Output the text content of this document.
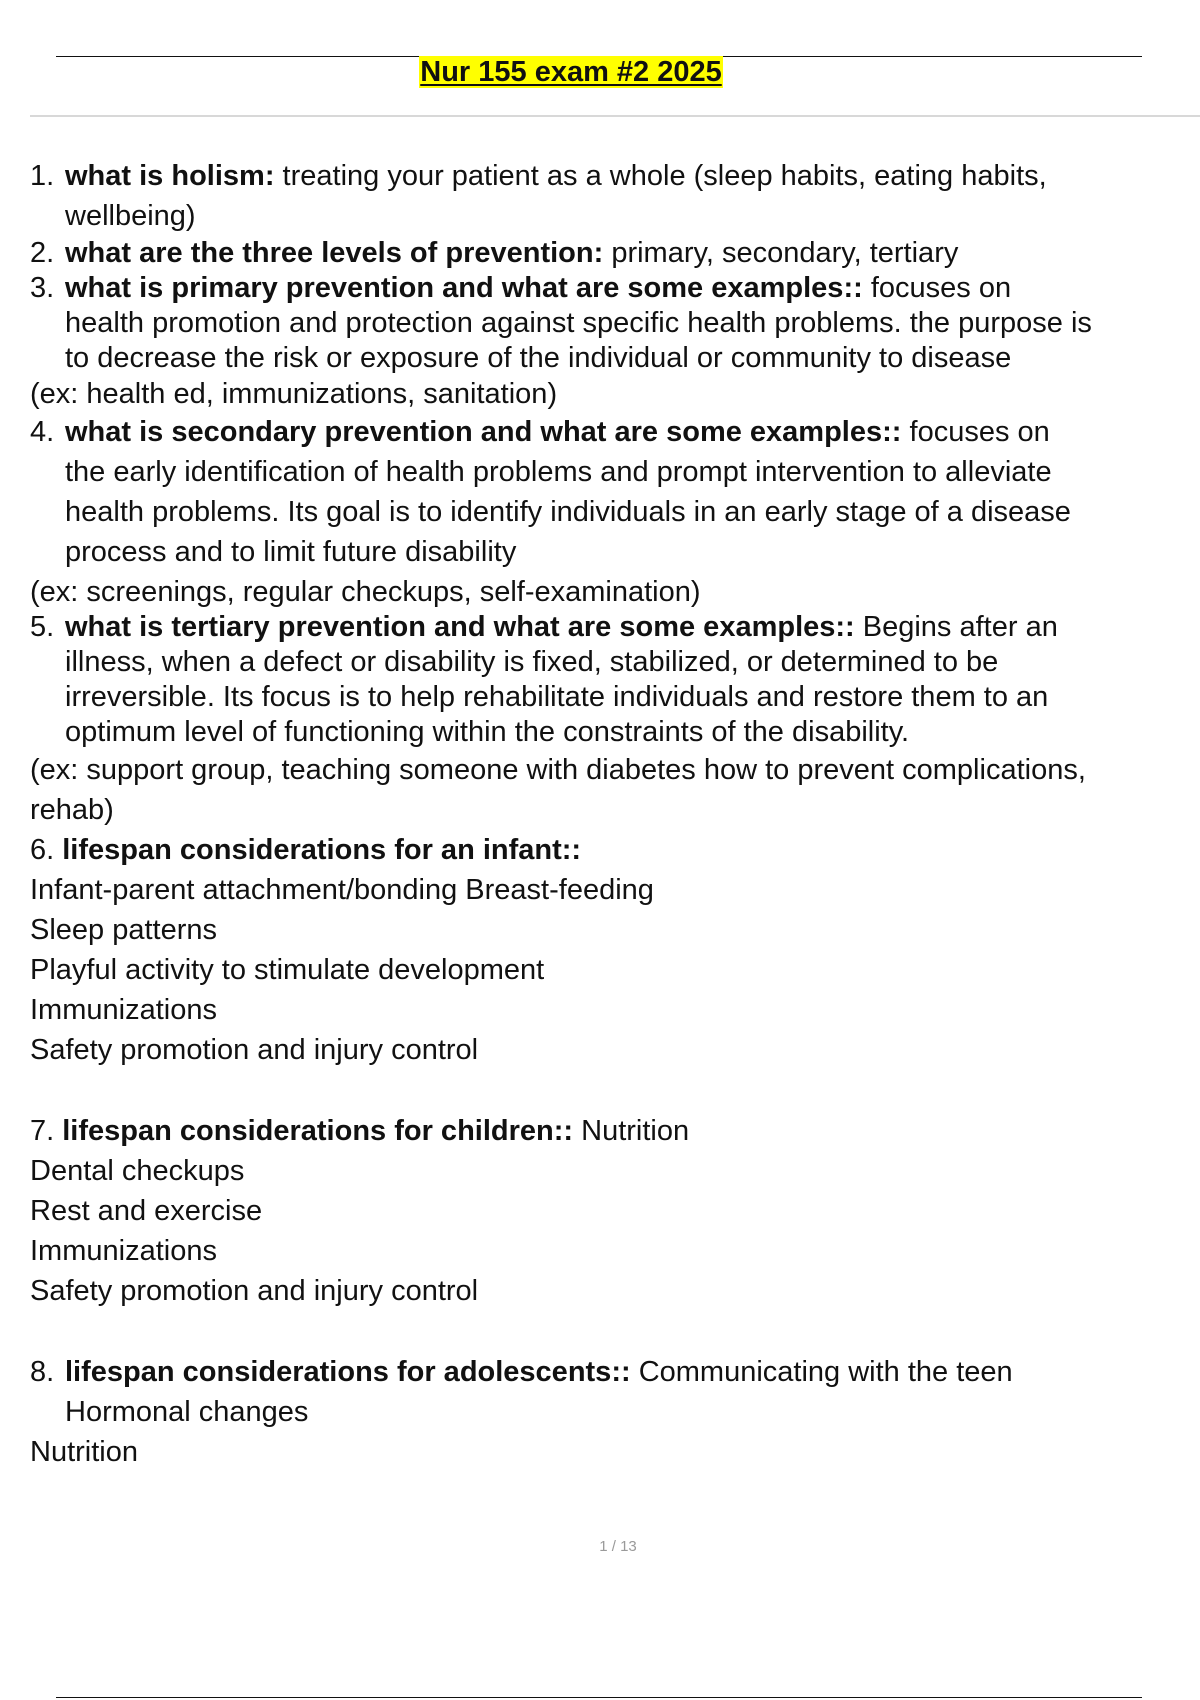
Nur 155 exam #2 2025
1. what is holism: treating your patient as a whole (sleep habits, eating habits,
wellbeing)
2. what are the three levels of prevention: primary, secondary, tertiary
3. what is primary prevention and what are some examples:: focuses on
health promotion and protection against specific health problems. the purpose is
to decrease the risk or exposure of the individual or community to disease
(ex: health ed, immunizations, sanitation)
4. what is secondary prevention and what are some examples:: focuses on
the early identification of health problems and prompt intervention to alleviate
health problems. Its goal is to identify individuals in an early stage of a disease
process and to limit future disability
(ex: screenings, regular checkups, self-examination)
5. what is tertiary prevention and what are some examples:: Begins after an
illness, when a defect or disability is fixed, stabilized, or determined to be
irreversible. Its focus is to help rehabilitate individuals and restore them to an
optimum level of functioning within the constraints of the disability.
(ex: support group, teaching someone with diabetes how to prevent complications,
rehab)
6. lifespan considerations for an infant::
Infant-parent attachment/bonding Breast-feeding
Sleep patterns
Playful activity to stimulate development
Immunizations
Safety promotion and injury control
7. lifespan considerations for children:: Nutrition
Dental checkups
Rest and exercise
Immunizations
Safety promotion and injury control
8. lifespan considerations for adolescents:: Communicating with the teen
Hormonal changes
Nutrition
1 / 13
